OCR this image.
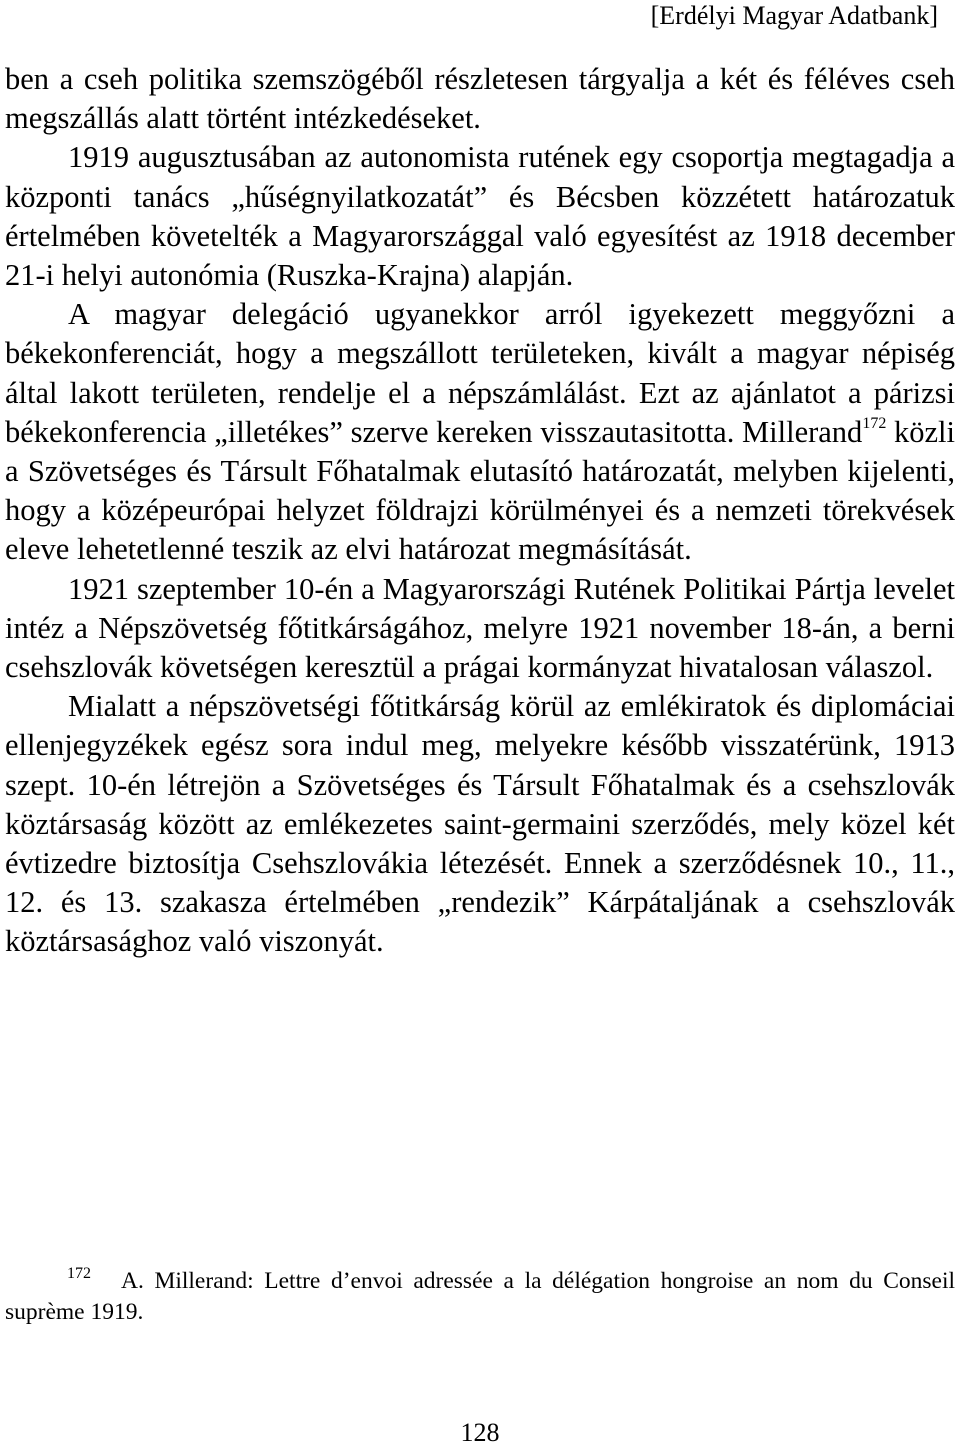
[Erdélyi Magyar Adatbank]

ben a cseh politika szemszögéből részletesen tárgyalja a két és féléves cseh megszállás alatt történt intézkedéseket.

1919 augusztusában az autonomista rutének egy csoportja megtagadja a központi tanács „hűségnyilatkozatát” és Bécsben közzétett határozatuk értelmében követelték a Magyarországgal való egyesítést az 1918 december 21-i helyi autonómia (Ruszka-Krajna) alapján.

A magyar delegáció ugyanekkor arról igyekezett meggyőzni a békekonferenciát, hogy a megszállott területeken, kivált a magyar népiség által lakott területen, rendelje el a népszámlálást. Ezt az ajánlatot a párizsi békekonferencia „illetékes” szerve kereken visszautasitotta. Millerand$^{172}$ közli a Szövetséges és Társult Főhatalmak elutasító határozatát, melyben kijelenti, hogy a középeurópai helyzet földrajzi körülményei és a nemzeti törekvések eleve lehetetlenné teszik az elvi határozat megmásítását.

1921 szeptember 10-én a Magyarországi Rutének Politikai Pártja levelet intéz a Népszövetség főtitkárságához, melyre 1921 november 18-án, a berni csehszlovák követségen keresztül a prágai kormányzat hivatalosan válaszol.

Mialatt a népszövetségi főtitkárság körül az emlékiratok és diplomáciai ellenjegyzékek egész sora indul meg, melyekre később visszatérünk, 1913 szept. 10-én létrejön a Szövetséges és Társult Főhatalmak és a csehszlovák köztársaság között az emlékezetes saint-germaini szerződés, mely közel két évtizedre biztosítja Csehszlovákia létezését. Ennek a szerződésnek 10., 11., 12. és 13. szakasza értelmében „rendezik” Kárpátaljának a csehszlovák köztársasághoz való viszonyát.

172 A. Millerand: Lettre d’envoi adressée a la délégation hongroise an nom du Conseil suprème 1919.
128
